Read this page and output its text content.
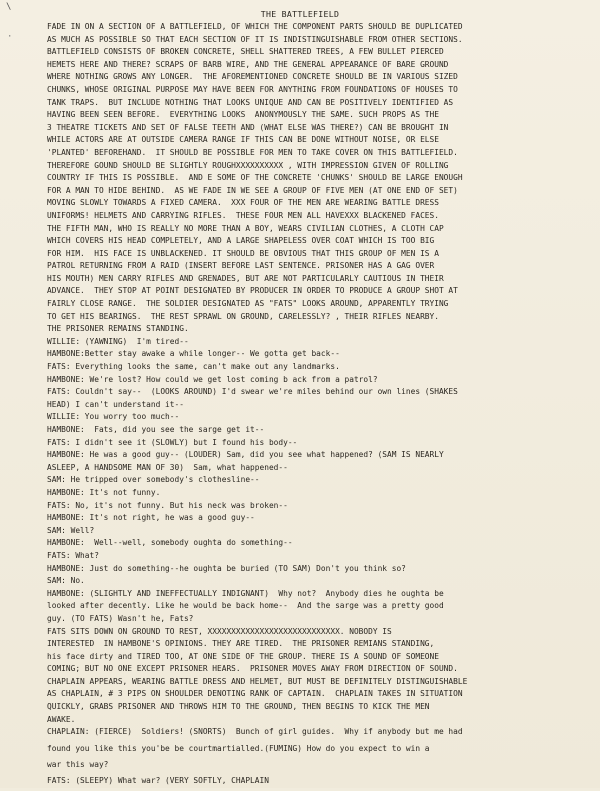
\
·
THE BATTLEFIELD
FADE IN ON A SECTION OF A BATTLEFIELD, OF WHICH THE COMPONENT PARTS SHOULD BE DUPLICATED
AS MUCH AS POSSIBLE SO THAT EACH SECTION OF IT IS INDISTINGUISHABLE FROM OTHER SECTIONS.
BATTLEFIELD CONSISTS OF BROKEN CONCRETE, SHELL SHATTERED TREES, A FEW BULLET PIERCED
HEMETS HERE AND THERE? SCRAPS OF BARB WIRE, AND THE GENERAL APPEARANCE OF BARE GROUND
WHERE NOTHING GROWS ANY LONGER.  THE AFOREMENTIONED CONCRETE SHOULD BE IN VARIOUS SIZED
CHUNKS, WHOSE ORIGINAL PURPOSE MAY HAVE BEEN FOR ANYTHING FROM FOUNDATIONS OF HOUSES TO
TANK TRAPS.  BUT INCLUDE NOTHING THAT LOOKS UNIQUE AND CAN BE POSITIVELY IDENTIFIED AS
HAVING BEEN SEEN BEFORE.  EVERYTHING LOOKS  ANONYMOUSLY THE SAME. SUCH PROPS AS THE
3 THEATRE TICKETS AND SET OF FALSE TEETH AND (WHAT ELSE WAS THERE?) CAN BE BROUGHT IN
WHILE ACTORS ARE AT OUTSIDE CAMERA RANGE IF THIS CAN BE DONE WITHOUT NOISE, OR ELSE
'PLANTED' BEFOREHAND.  IT SHOULD BE POSSIBLE FOR MEN TO TAKE COVER ON THIS BATTLEFIELD.
THEREFORE GOUND SHOULD BE SLIGHTLY ROUGHXXXXXXXXXX , WITH IMPRESSION GIVEN OF ROLLING
COUNTRY IF THIS IS POSSIBLE.  AND E SOME OF THE CONCRETE 'CHUNKS' SHOULD BE LARGE ENOUGH
FOR A MAN TO HIDE BEHIND.  AS WE FADE IN WE SEE A GROUP OF FIVE MEN (AT ONE END OF SET)
MOVING SLOWLY TOWARDS A FIXED CAMERA.  XXX FOUR OF THE MEN ARE WEARING BATTLE DRESS
UNIFORMS! HELMETS AND CARRYING RIFLES.  THESE FOUR MEN ALL HAVEXXX BLACKENED FACES.
THE FIFTH MAN, WHO IS REALLY NO MORE THAN A BOY, WEARS CIVILIAN CLOTHES, A CLOTH CAP
WHICH COVERS HIS HEAD COMPLETELY, AND A LARGE SHAPELESS OVER COAT WHICH IS TOO BIG
FOR HIM.  HIS FACE IS UNBLACKENED. IT SHOULD BE OBVIOUS THAT THIS GROUP OF MEN IS A
PATROL RETURNING FROM A RAID (INSERT BEFORE LAST SENTENCE. PRISONER HAS A GAG OVER
HIS MOUTH) MEN CARRY RIFLES AND GRENADES, BUT ARE NOT PARTICULARLY CAUTIOUS IN THEIR
ADVANCE.  THEY STOP AT POINT DESIGNATED BY PRODUCER IN ORDER TO PRODUCE A GROUP SHOT AT
FAIRLY CLOSE RANGE.  THE SOLDIER DESIGNATED AS "FATS" LOOKS AROUND, APPARENTLY TRYING
TO GET HIS BEARINGS.  THE REST SPRAWL ON GROUND, CARELESSLY? , THEIR RIFLES NEARBY.
THE PRISONER REMAINS STANDING.
WILLIE: (YAWNING)  I'm tired--
HAMBONE:Better stay awake a while longer-- We gotta get back--
FATS: Everything looks the same, can't make out any landmarks.
HAMBONE: We're lost? How could we get lost coming b ack from a patrol?
FATS: Couldn't say--  (LOOKS AROUND) I'd swear we're miles behind our own lines (SHAKES
HEAD) I can't understand it--
WILLIE: You worry too much--
HAMBONE:  Fats, did you see the sarge get it--
FATS: I didn't see it (SLOWLY) but I found his body--
HAMBONE: He was a good guy-- (LOUDER) Sam, did you see what happened? (SAM IS NEARLY
ASLEEP, A HANDSOME MAN OF 30)  Sam, what happened--
SAM: He tripped over somebody's clothesline--
HAMBONE: It's not funny.
FATS: No, it's not funny. But his neck was broken--
HAMBONE: It's not right, he was a good guy--
SAM: Well?
HAMBONE:  Well--well, somebody oughta do something--
FATS: What?
HAMBONE: Just do something--he oughta be buried (TO SAM) Don't you think so?
SAM: No.
HAMBONE: (SLIGHTLY AND INEFFECTUALLY INDIGNANT)  Why not?  Anybody dies he oughta be
looked after decently. Like he would be back home--  And the sarge was a pretty good
guy. (TO FATS) Wasn't he, Fats?
FATS SITS DOWN ON GROUND TO REST, XXXXXXXXXXXXXXXXXXXXXXXXXXXX. NOBODY IS
INTERESTED  IN HAMBONE'S OPINIONS. THEY ARE TIRED.  THE PRISONER REMIANS STANDING,
his face dirty and TIRED TOO, AT ONE SIDE OF THE GROUP. THERE IS A SOUND OF SOMEONE
COMING; BUT NO ONE EXCEPT PRISONER HEARS.  PRISONER MOVES AWAY FROM DIRECTION OF SOUND.
CHAPLAIN APPEARS, WEARING BATTLE DRESS AND HELMET, BUT MUST BE DEFINITELY DISTINGUISHABLE
AS CHAPLAIN, # 3 PIPS ON SHOULDER DENOTING RANK OF CAPTAIN.  CHAPLAIN TAKES IN SITUATION
QUICKLY, GRABS PRISONER AND THROWS HIM TO THE GROUND, THEN BEGINS TO KICK THE MEN
AWAKE.
CHAPLAIN: (FIERCE)  Soldiers! (SNORTS)  Bunch of girl guides.  Why if anybody but me had
found you like this you'be be courtmartialled.(FUMING) How do you expect to win a
war this way?
FATS: (SLEEPY) What war? (VERY SOFTLY, CHAPLAIN
